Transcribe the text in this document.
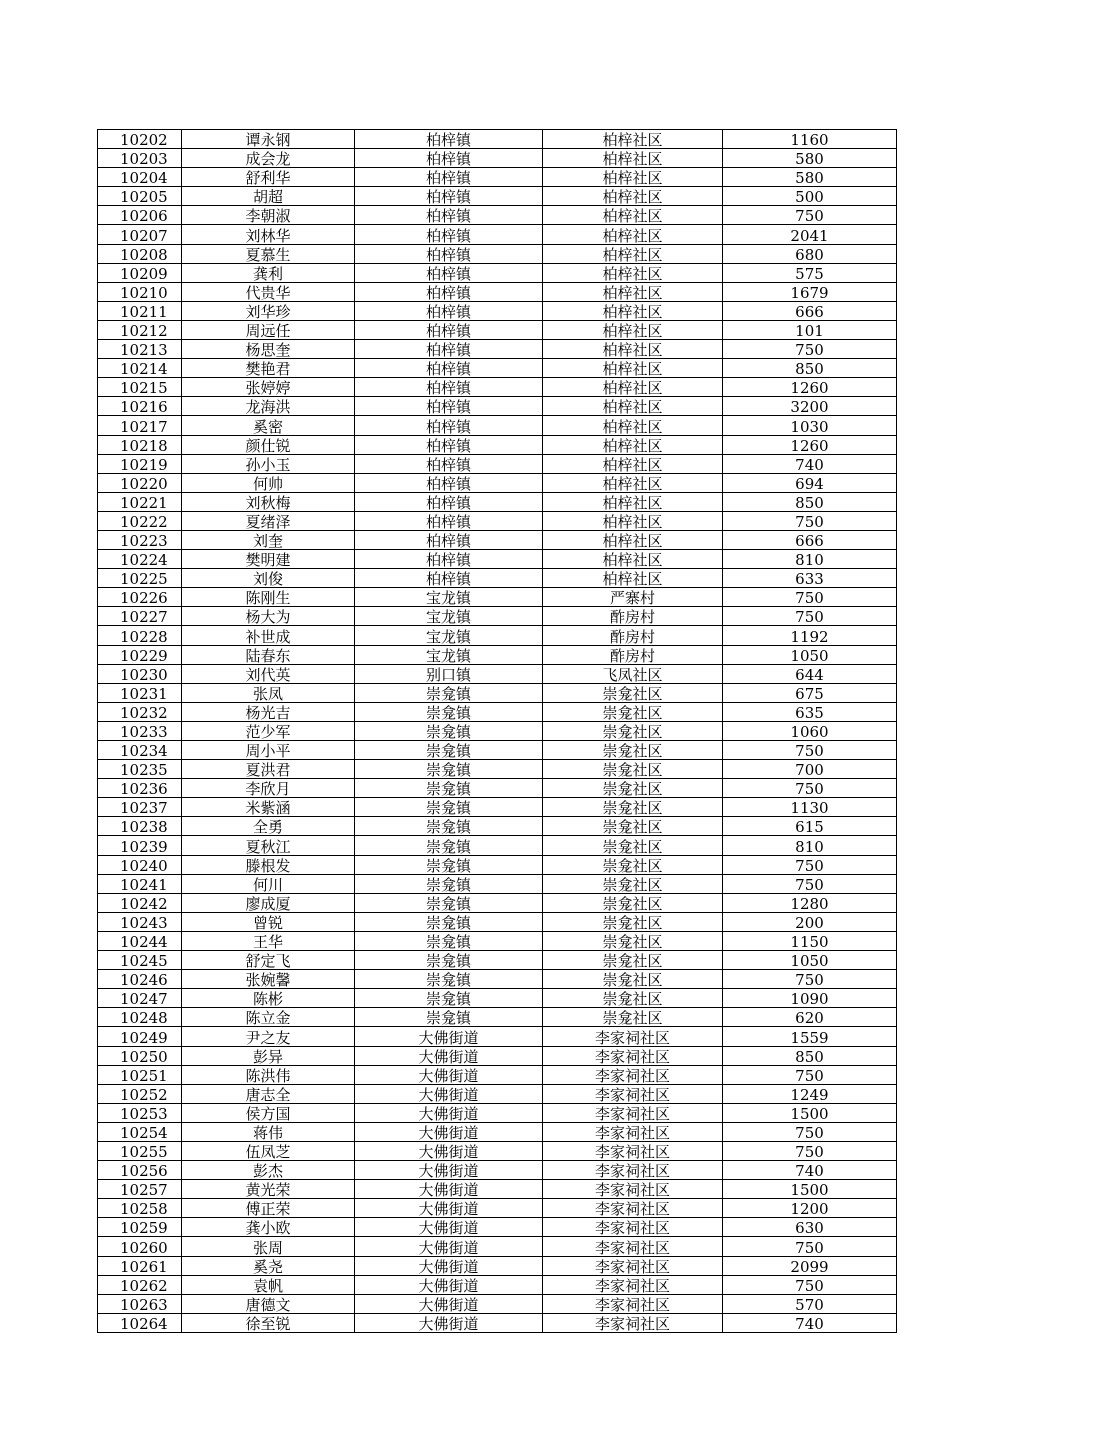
10202	谭永钢	柏梓镇	柏梓社区	1160
10203	成会龙	柏梓镇	柏梓社区	580
10204	舒利华	柏梓镇	柏梓社区	580
10205	胡超	柏梓镇	柏梓社区	500
10206	李朝淑	柏梓镇	柏梓社区	750
10207	刘林华	柏梓镇	柏梓社区	2041
10208	夏慕生	柏梓镇	柏梓社区	680
10209	龚利	柏梓镇	柏梓社区	575
10210	代贵华	柏梓镇	柏梓社区	1679
10211	刘华珍	柏梓镇	柏梓社区	666
10212	周远任	柏梓镇	柏梓社区	101
10213	杨思奎	柏梓镇	柏梓社区	750
10214	樊艳君	柏梓镇	柏梓社区	850
10215	张婷婷	柏梓镇	柏梓社区	1260
10216	龙海洪	柏梓镇	柏梓社区	3200
10217	奚密	柏梓镇	柏梓社区	1030
10218	颜仕锐	柏梓镇	柏梓社区	1260
10219	孙小玉	柏梓镇	柏梓社区	740
10220	何帅	柏梓镇	柏梓社区	694
10221	刘秋梅	柏梓镇	柏梓社区	850
10222	夏绪泽	柏梓镇	柏梓社区	750
10223	刘奎	柏梓镇	柏梓社区	666
10224	樊明建	柏梓镇	柏梓社区	810
10225	刘俊	柏梓镇	柏梓社区	633
10226	陈刚生	宝龙镇	严寨村	750
10227	杨大为	宝龙镇	酢房村	750
10228	补世成	宝龙镇	酢房村	1192
10229	陆春东	宝龙镇	酢房村	1050
10230	刘代英	别口镇	飞凤社区	644
10231	张凤	崇龛镇	崇龛社区	675
10232	杨光吉	崇龛镇	崇龛社区	635
10233	范少军	崇龛镇	崇龛社区	1060
10234	周小平	崇龛镇	崇龛社区	750
10235	夏洪君	崇龛镇	崇龛社区	700
10236	李欣月	崇龛镇	崇龛社区	750
10237	米紫涵	崇龛镇	崇龛社区	1130
10238	全勇	崇龛镇	崇龛社区	615
10239	夏秋江	崇龛镇	崇龛社区	810
10240	滕根发	崇龛镇	崇龛社区	750
10241	何川	崇龛镇	崇龛社区	750
10242	廖成厦	崇龛镇	崇龛社区	1280
10243	曾锐	崇龛镇	崇龛社区	200
10244	王华	崇龛镇	崇龛社区	1150
10245	舒定飞	崇龛镇	崇龛社区	1050
10246	张婉馨	崇龛镇	崇龛社区	750
10247	陈彬	崇龛镇	崇龛社区	1090
10248	陈立金	崇龛镇	崇龛社区	620
10249	尹之友	大佛街道	李家祠社区	1559
10250	彭异	大佛街道	李家祠社区	850
10251	陈洪伟	大佛街道	李家祠社区	750
10252	唐志全	大佛街道	李家祠社区	1249
10253	侯方国	大佛街道	李家祠社区	1500
10254	蒋伟	大佛街道	李家祠社区	750
10255	伍凤芝	大佛街道	李家祠社区	750
10256	彭杰	大佛街道	李家祠社区	740
10257	黄光荣	大佛街道	李家祠社区	1500
10258	傅正荣	大佛街道	李家祠社区	1200
10259	龚小欧	大佛街道	李家祠社区	630
10260	张周	大佛街道	李家祠社区	750
10261	奚尧	大佛街道	李家祠社区	2099
10262	袁帆	大佛街道	李家祠社区	750
10263	唐德文	大佛街道	李家祠社区	570
10264	徐至锐	大佛街道	李家祠社区	740
